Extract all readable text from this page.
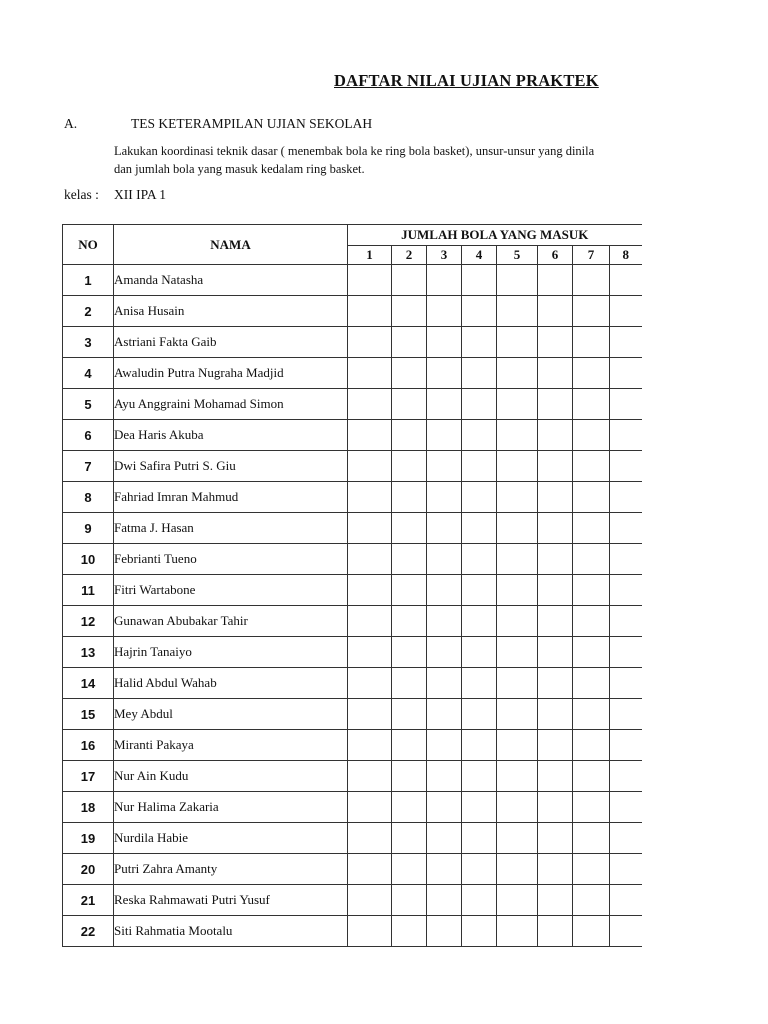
DAFTAR NILAI UJIAN PRAKTEK
A.	TES KETERAMPILAN UJIAN SEKOLAH
Lakukan koordinasi teknik dasar ( menembak bola ke ring bola basket), unsur-unsur yang dinila
dan jumlah bola yang masuk kedalam ring basket.
kelas : XII IPA 1
NO	NAMA	JUMLAH BOLA YANG MASUK							
		1	2	3	4	5	6	7	8
1	Amanda Natasha								
2	Anisa Husain								
3	Astriani Fakta Gaib								
4	Awaludin Putra Nugraha Madjid								
5	Ayu Anggraini Mohamad Simon								
6	Dea Haris Akuba								
7	Dwi Safira Putri S. Giu								
8	Fahriad Imran Mahmud								
9	Fatma J. Hasan								
10	Febrianti Tueno								
11	Fitri Wartabone								
12	Gunawan Abubakar Tahir								
13	Hajrin Tanaiyo								
14	Halid Abdul Wahab								
15	Mey Abdul								
16	Miranti Pakaya								
17	Nur Ain Kudu								
18	Nur Halima Zakaria								
19	Nurdila Habie								
20	Putri Zahra Amanty								
21	Reska Rahmawati Putri Yusuf								
22	Siti Rahmatia Mootalu								
